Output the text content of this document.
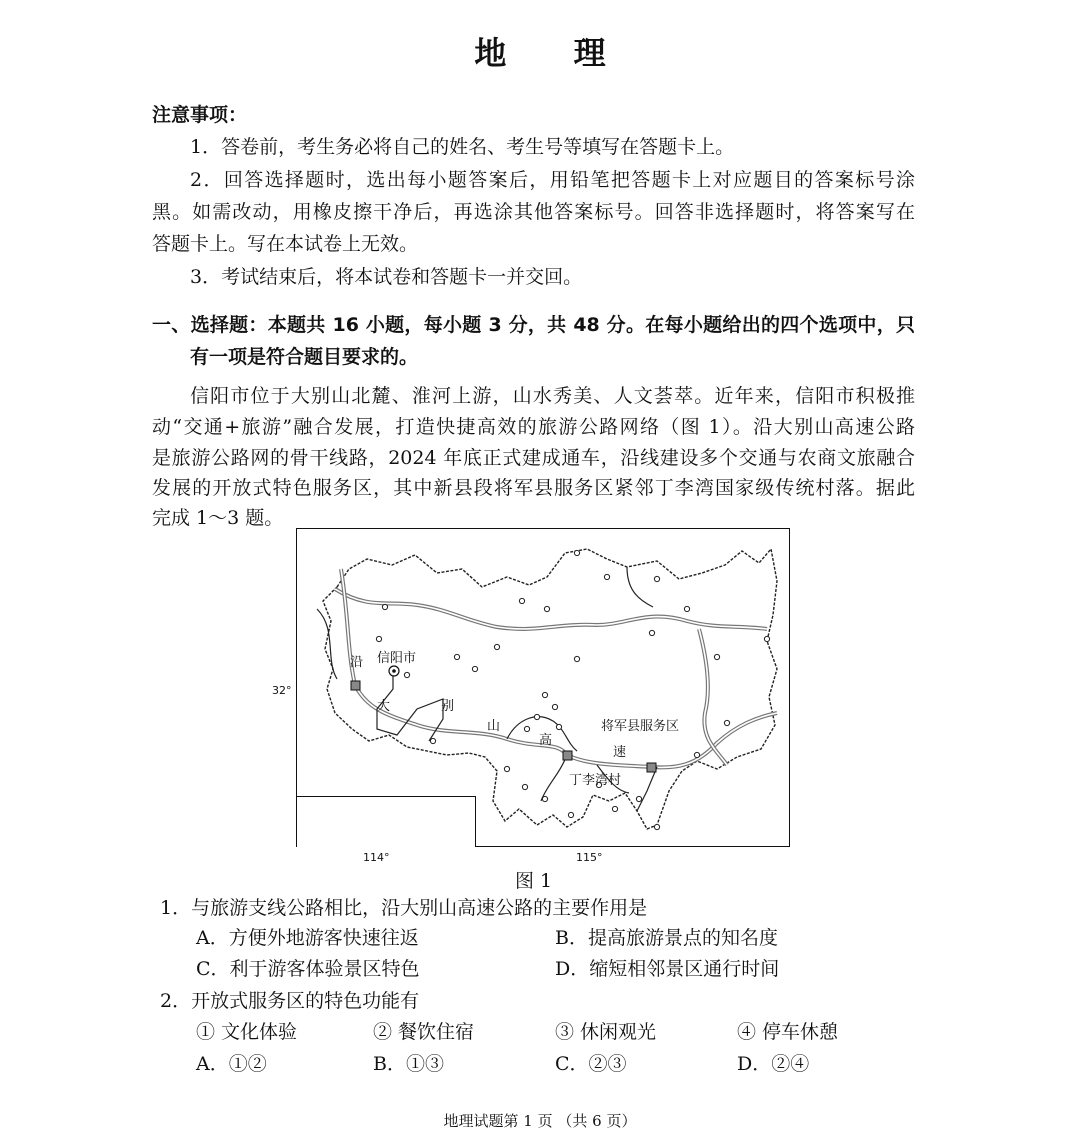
地 理
注意事项：
1．答卷前，考生务必将自己的姓名、考生号等填写在答题卡上。
2．回答选择题时，选出每小题答案后，用铅笔把答题卡上对应题目的答案标号涂
黑。如需改动，用橡皮擦干净后，再选涂其他答案标号。回答非选择题时，将答案写在
答题卡上。写在本试卷上无效。
3．考试结束后，将本试卷和答题卡一并交回。
一、选择题：本题共 16 小题，每小题 3 分，共 48 分。在每小题给出的四个选项中，只
有一项是符合题目要求的。
信阳市位于大别山北麓、淮河上游，山水秀美、人文荟萃。近年来，信阳市积极推
动“交通+旅游”融合发展，打造快捷高效的旅游公路网络（图 1）。沿大别山高速公路
是旅游公路网的骨干线路，2024 年底正式建成通车，沿线建设多个交通与农商文旅融合
发展的开放式特色服务区，其中新县段将军县服务区紧邻丁李湾国家级传统村落。据此
完成 1～3 题。
信阳市
沿
大	别
山
高
速
将军县服务区
丁李湾村
32°
114°	115°
图 1
1．与旅游支线公路相比，沿大别山高速公路的主要作用是
A．方便外地游客快速往返	B．提高旅游景点的知名度
C．利于游客体验景区特色	D．缩短相邻景区通行时间
2．开放式服务区的特色功能有
① 文化体验	② 餐饮住宿	③ 休闲观光	④ 停车休憩
A．①②	B．①③	C．②③	D．②④
地理试题第 1 页 （共 6 页）
